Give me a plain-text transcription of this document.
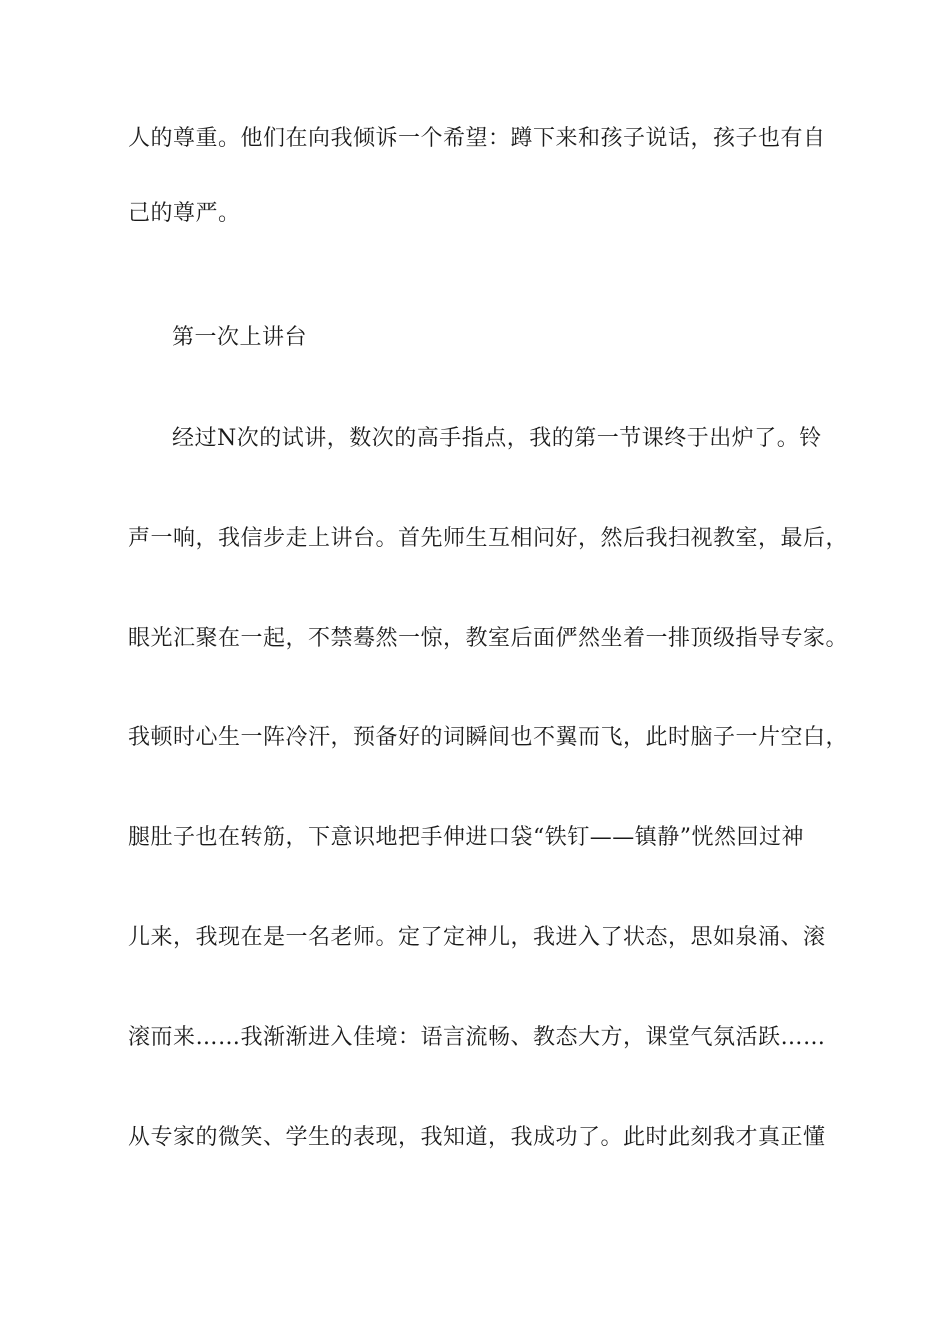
人的尊重。他们在向我倾诉一个希望：蹲下来和孩子说话，孩子也有自
己的尊严。
第一次上讲台
经过N次的试讲，数次的高手指点，我的第一节课终于出炉了。铃
声一响，我信步走上讲台。首先师生互相问好，然后我扫视教室，最后，
眼光汇聚在一起，不禁蓦然一惊，教室后面俨然坐着一排顶级指导专家。
我顿时心生一阵冷汗，预备好的词瞬间也不翼而飞，此时脑子一片空白，
腿肚子也在转筋，下意识地把手伸进口袋“铁钉——镇静”恍然回过神
儿来，我现在是一名老师。定了定神儿，我进入了状态，思如泉涌、滚
滚而来……我渐渐进入佳境：语言流畅、教态大方，课堂气氛活跃……
从专家的微笑、学生的表现，我知道，我成功了。此时此刻我才真正懂
